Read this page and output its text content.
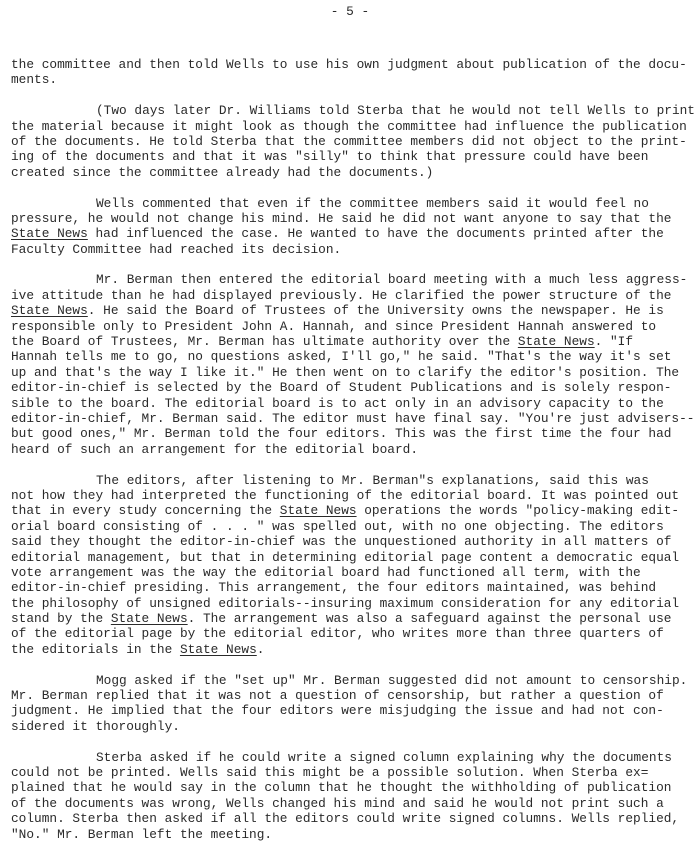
- 5 -
the committee and then told Wells to use his own judgment about publication of the docu-
ments.
(Two days later Dr. Williams told Sterba that he would not tell Wells to print
the material because it might look as though the committee had influence the publication
of the documents. He told Sterba that the committee members did not object to the print-
ing of the documents and that it was "silly" to think that pressure could have been
created since the committee already had the documents.)
Wells commented that even if the committee members said it would feel no
pressure, he would not change his mind. He said he did not want anyone to say that the
State News had influenced the case. He wanted to have the documents printed after the
Faculty Committee had reached its decision.
Mr. Berman then entered the editorial board meeting with a much less aggress-
ive attitude than he had displayed previously. He clarified the power structure of the
State News. He said the Board of Trustees of the University owns the newspaper. He is
responsible only to President John A. Hannah, and since President Hannah answered to
the Board of Trustees, Mr. Berman has ultimate authority over the State News. "If
Hannah tells me to go, no questions asked, I'll go," he said. "That's the way it's set
up and that's the way I like it." He then went on to clarify the editor's position. The
editor-in-chief is selected by the Board of Student Publications and is solely respon-
sible to the board. The editorial board is to act only in an advisory capacity to the
editor-in-chief, Mr. Berman said. The editor must have final say. "You're just advisers--
but good ones," Mr. Berman told the four editors. This was the first time the four had
heard of such an arrangement for the editorial board.
The editors, after listening to Mr. Berman"s explanations, said this was
not how they had interpreted the functioning of the editorial board. It was pointed out
that in every study concerning the State News operations the words "policy-making edit-
orial board consisting of . . . " was spelled out, with no one objecting. The editors
said they thought the editor-in-chief was the unquestioned authority in all matters of
editorial management, but that in determining editorial page content a democratic equal
vote arrangement was the way the editorial board had functioned all term, with the
editor-in-chief presiding. This arrangement, the four editors maintained, was behind
the philosophy of unsigned editorials--insuring maximum consideration for any editorial
stand by the State News. The arrangement was also a safeguard against the personal use
of the editorial page by the editorial editor, who writes more than three quarters of
the editorials in the State News.
Mogg asked if the "set up" Mr. Berman suggested did not amount to censorship.
Mr. Berman replied that it was not a question of censorship, but rather a question of
judgment. He implied that the four editors were misjudging the issue and had not con-
sidered it thoroughly.
Sterba asked if he could write a signed column explaining why the documents
could not be printed. Wells said this might be a possible solution. When Sterba ex=
plained that he would say in the column that he thought the withholding of publication
of the documents was wrong, Wells changed his mind and said he would not print such a
column. Sterba then asked if all the editors could write signed columns. Wells replied,
"No." Mr. Berman left the meeting.
